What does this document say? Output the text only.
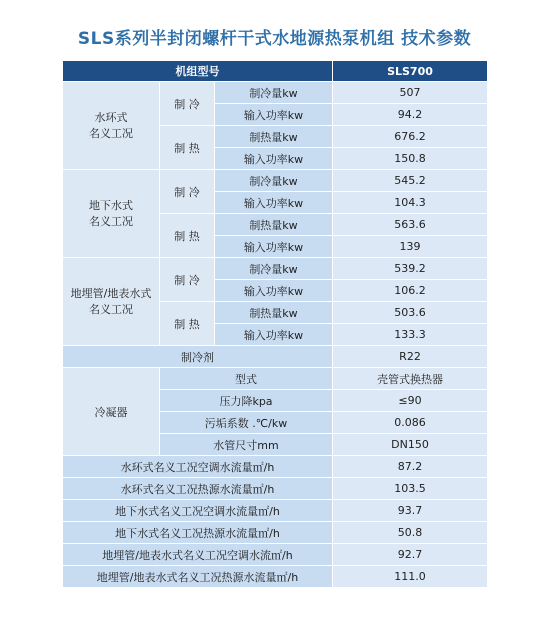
SLS系列半封闭螺杆干式水地源热泵机组 技术参数
机组型号			SLS700

水环式
名义工况	制 冷	制冷量kw	507
		输入功率kw	94.2
	制 热	制热量kw	676.2
		输入功率kw	150.8

地下水式
名义工况	制 冷	制冷量kw	545.2
		输入功率kw	104.3
	制 热	制热量kw	563.6
		输入功率kw	139

地埋管/地表水式
名义工况	制 冷	制冷量kw	539.2
		输入功率kw	106.2
	制 热	制热量kw	503.6
		输入功率kw	133.3
制冷剂			R22
冷凝器	型式		壳管式换热器
	压力降kpa		≤90
	污垢系数 .℃/kw		0.086
	水管尺寸mm		DN150
水环式名义工况空调水流量㎡/h			87.2
水环式名义工况热源水流量㎡/h			103.5
地下水式名义工况空调水流量㎡/h			93.7
地下水式名义工况热源水流量㎡/h			50.8
地埋管/地表水式名义工况空调水流㎡/h			92.7
地埋管/地表水式名义工况热源水流量㎡/h			111.0
